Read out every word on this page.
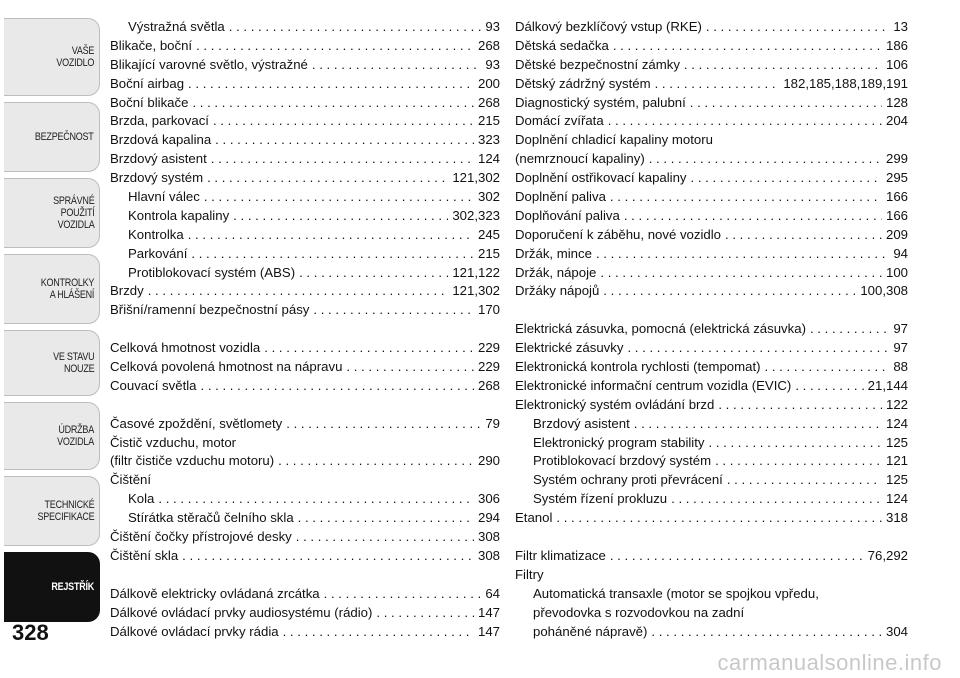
VAŠE
VOZIDLO
BEZPEČNOST
SPRÁVNÉ
POUŽITÍ
VOZIDLA
KONTROLKY
A HLÁŠENÍ
VE STAVU
NOUZE
ÚDRŽBA
VOZIDLA
TECHNICKÉ
SPECIFIKACE
REJSTŘÍK
328
Výstražná světla . . .	93
Blikače, boční . . .	268
Blikající varovné světlo, výstražné . . .	93
Boční airbag . . .	200
Boční blikače . . .	268
Brzda, parkovací . . .	215
Brzdová kapalina . . .	323
Brzdový asistent . . .	124
Brzdový systém . . .	121,302
Hlavní válec . . .	302
Kontrola kapaliny . . .	302,323
Kontrolka . . .	245
Parkování . . .	215
Protiblokovací systém (ABS) . . .	121,122
Brzdy . . .	121,302
Břišní/ramenní bezpečnostní pásy . . .	170
Celková hmotnost vozidla . . .	229
Celková povolená hmotnost na nápravu . . .	229
Couvací světla . . .	268
Časové zpoždění, světlomety . . .	79
Čistič vzduchu, motor
(filtr čističe vzduchu motoru) . . .	290
Čištění
Kola . . .	306
Stírátka stěračů čelního skla . . .	294
Čištění čočky přístrojové desky . . .	308
Čištění skla . . .	308
Dálkově elektricky ovládaná zrcátka . . .	64
Dálkové ovládací prvky audiosystému (rádio) . . .	147
Dálkové ovládací prvky rádia . . .	147
Dálkový bezklíčový vstup (RKE) . . .	13
Dětská sedačka . . .	186
Dětské bezpečnostní zámky . . .	106
Dětský zádržný systém . . .	182,185,188,189,191
Diagnostický systém, palubní . . .	128
Domácí zvířata . . .	204
Doplnění chladicí kapaliny motoru
(nemrznoucí kapaliny) . . .	299
Doplnění ostřikovací kapaliny . . .	295
Doplnění paliva . . .	166
Doplňování paliva . . .	166
Doporučení k záběhu, nové vozidlo . . .	209
Držák, mince . . .	94
Držák, nápoje . . .	100
Držáky nápojů . . .	100,308
Elektrická zásuvka, pomocná (elektrická zásuvka) . . .	97
Elektrické zásuvky . . .	97
Elektronická kontrola rychlosti (tempomat) . . .	88
Elektronické informační centrum vozidla (EVIC) . . .	21,144
Elektronický systém ovládání brzd . . .	122
Brzdový asistent . . .	124
Elektronický program stability . . .	125
Protiblokovací brzdový systém . . .	121
Systém ochrany proti převrácení . . .	125
Systém řízení prokluzu . . .	124
Etanol . . .	318
Filtr klimatizace . . .	76,292
Filtry
Automatická transaxle (motor se spojkou vpředu,
převodovka s rozvodovkou na zadní
poháněné nápravě) . . .	304
carmanualsonline.info
